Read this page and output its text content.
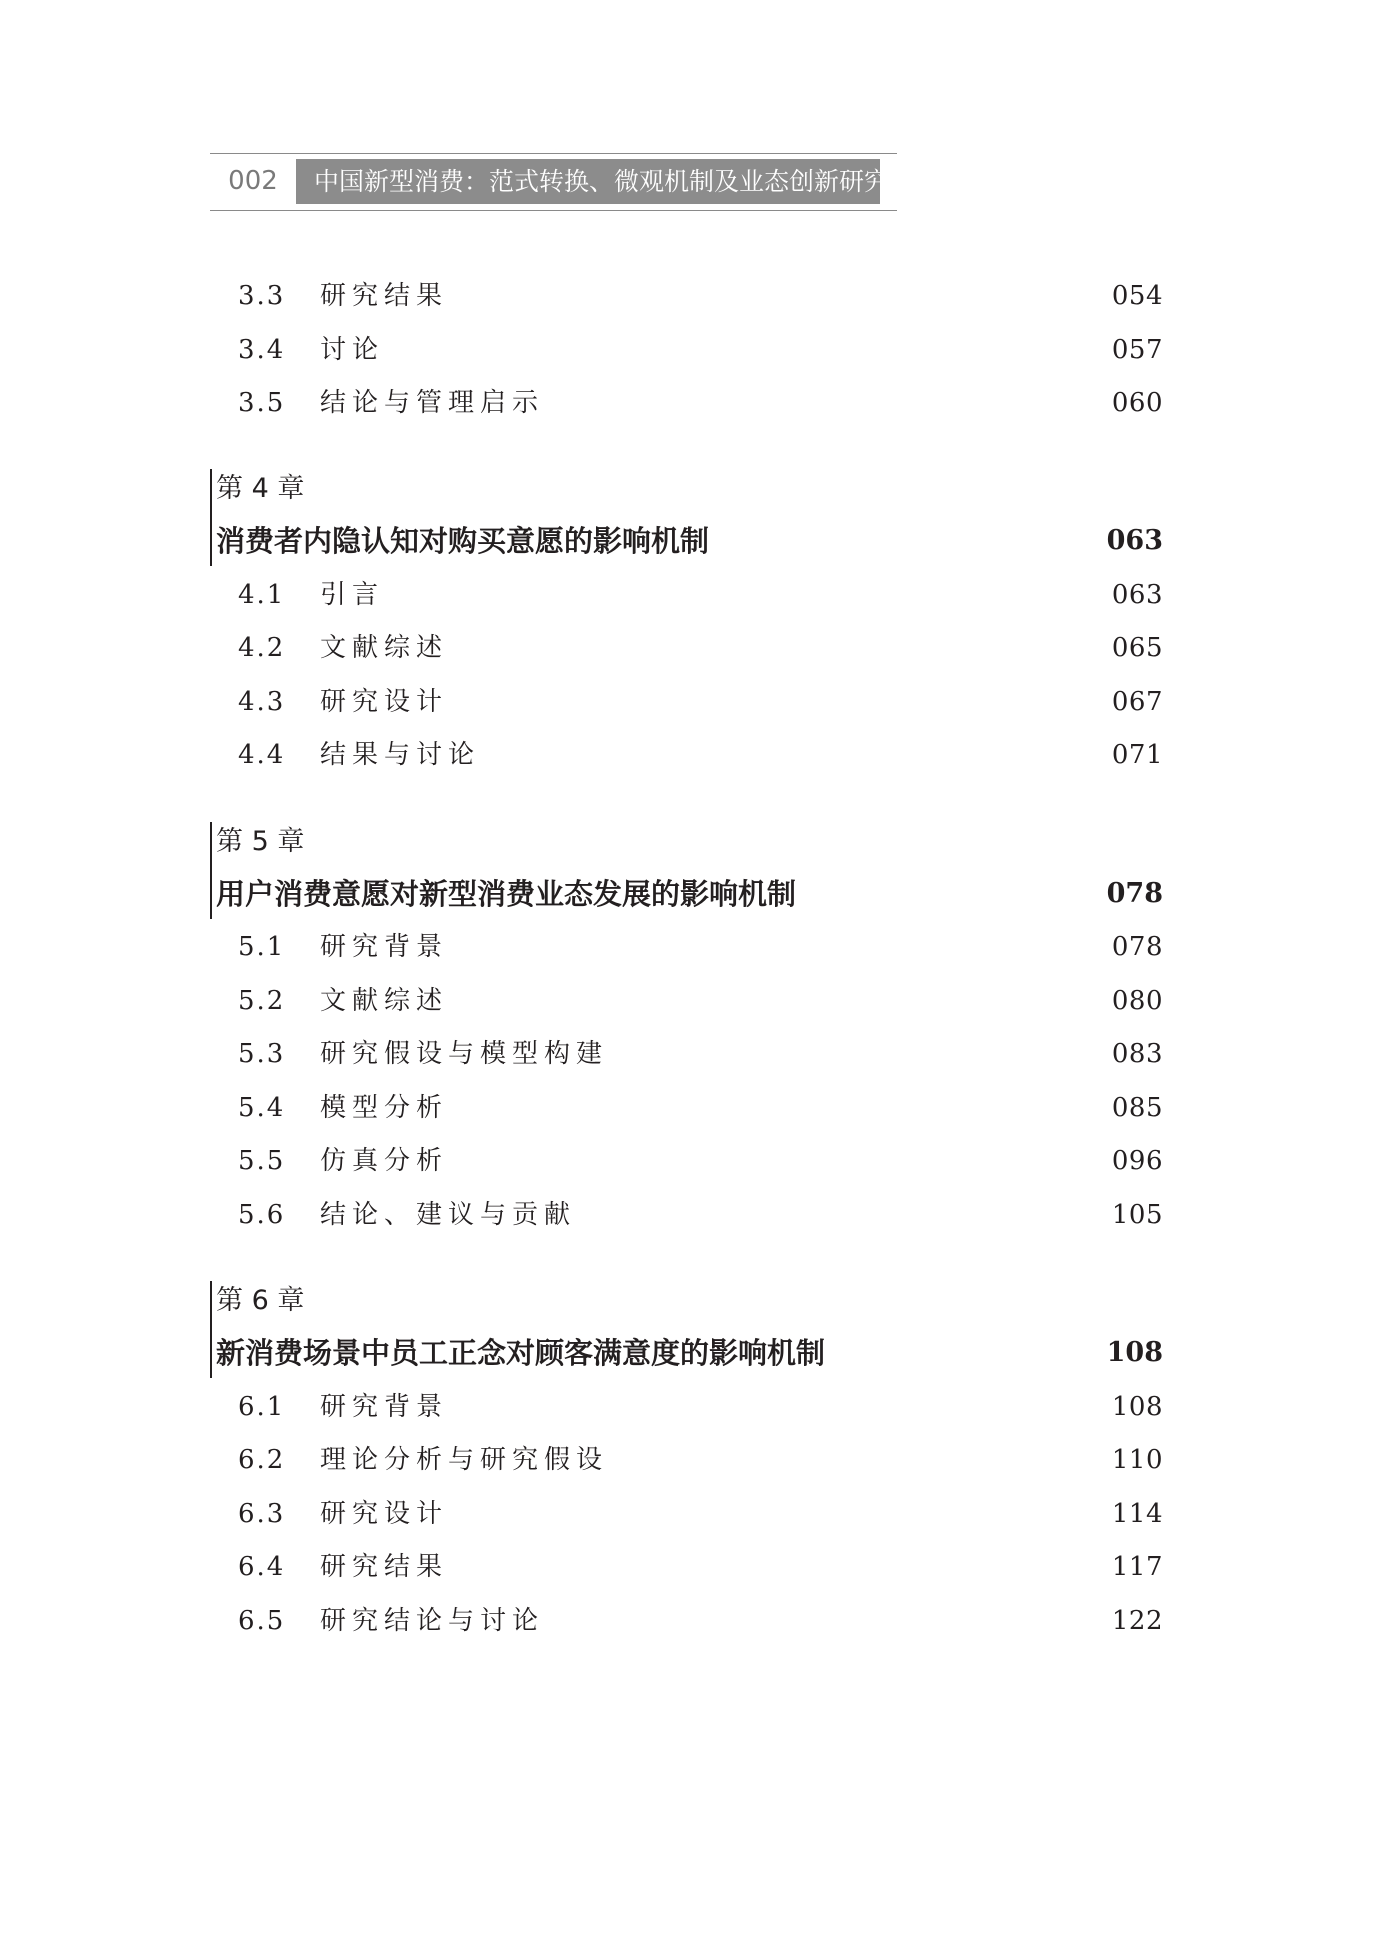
002	中国新型消费：范式转换、微观机制及业态创新研究
3.3 研究结果	054
3.4 讨论	057
3.5 结论与管理启示	060
第 4 章
消费者内隐认知对购买意愿的影响机制	063
4.1 引言	063
4.2 文献综述	065
4.3 研究设计	067
4.4 结果与讨论	071
第 5 章
用户消费意愿对新型消费业态发展的影响机制	078
5.1 研究背景	078
5.2 文献综述	080
5.3 研究假设与模型构建	083
5.4 模型分析	085
5.5 仿真分析	096
5.6 结论、建议与贡献	105
第 6 章
新消费场景中员工正念对顾客满意度的影响机制	108
6.1 研究背景	108
6.2 理论分析与研究假设	110
6.3 研究设计	114
6.4 研究结果	117
6.5 研究结论与讨论	122
